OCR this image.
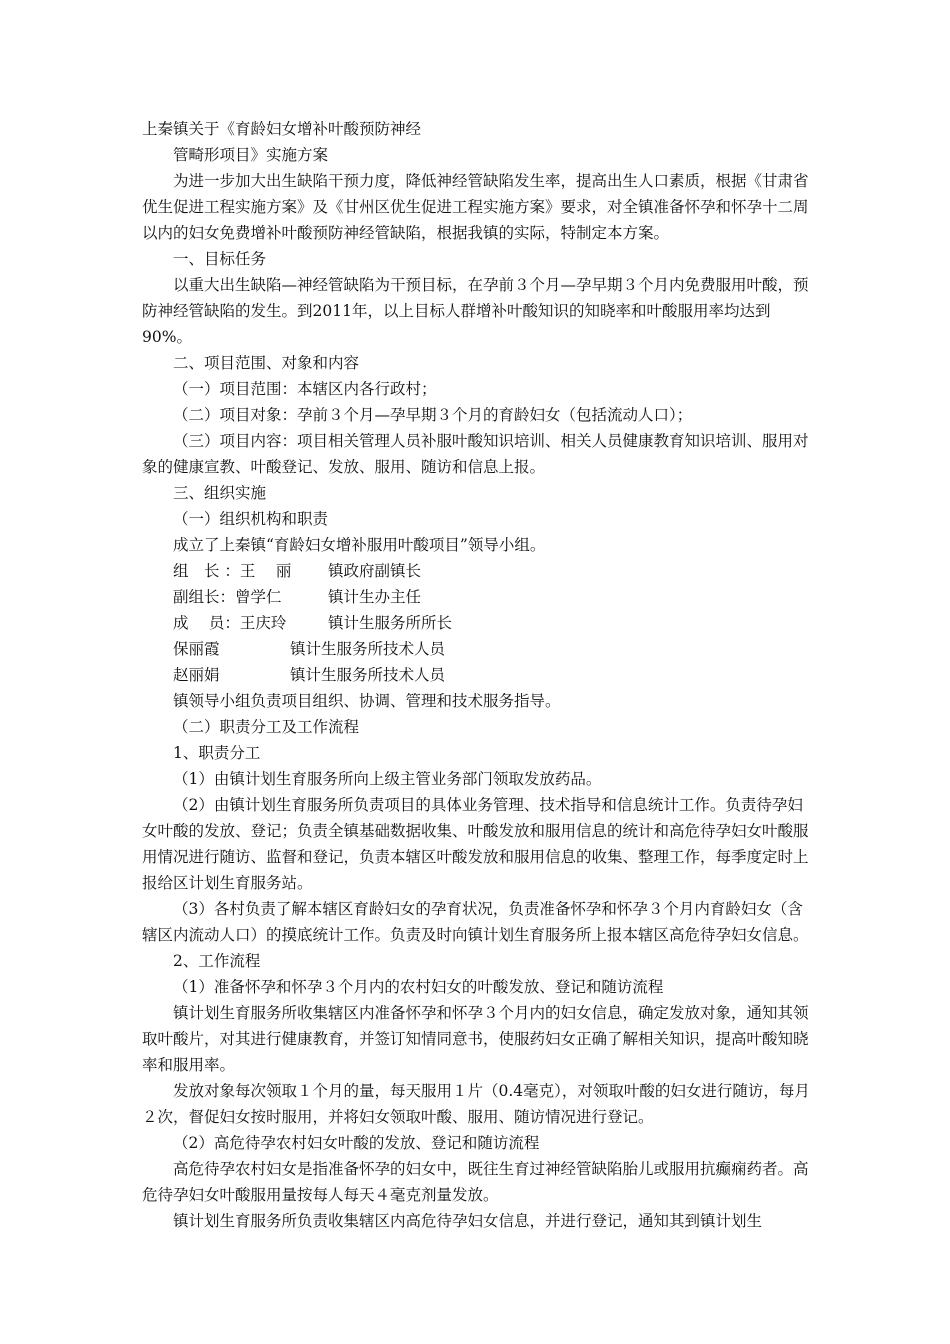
上秦镇关于《育龄妇女增补叶酸预防神经

管畸形项目》实施方案

为进一步加大出生缺陷干预力度，降低神经管缺陷发生率，提高出生人口素质，根据《甘肃省优生促进工程实施方案》及《甘州区优生促进工程实施方案》要求，对全镇准备怀孕和怀孕十二周以内的妇女免费增补叶酸预防神经管缺陷，根据我镇的实际，特制定本方案。

一、目标任务

以重大出生缺陷—神经管缺陷为干预目标，在孕前３个月—孕早期３个月内免费服用叶酸，预防神经管缺陷的发生。到2011年，以上目标人群增补叶酸知识的知晓率和叶酸服用率均达到90%。

二、项目范围、对象和内容

（一）项目范围：本辖区内各行政村；

（二）项目对象：孕前３个月—孕早期３个月的育龄妇女（包括流动人口）；

（三）项目内容：项目相关管理人员补服叶酸知识培训、相关人员健康教育知识培训、服用对象的健康宣教、叶酸登记、发放、服用、随访和信息上报。

三、组织实施

（一）组织机构和职责

成立了上秦镇“育龄妇女增补服用叶酸项目”领导小组。

组　长 ：王　 丽	镇政府副镇长
副组长：曾学仁	镇计生办主任
成　 员：王庆玲	镇计生服务所所长
保丽霞	镇计生服务所技术人员
赵丽娟	镇计生服务所技术人员

镇领导小组负责项目组织、协调、管理和技术服务指导。

（二）职责分工及工作流程

1、职责分工

（1）由镇计划生育服务所向上级主管业务部门领取发放药品。

（2）由镇计划生育服务所负责项目的具体业务管理、技术指导和信息统计工作。负责待孕妇女叶酸的发放、登记；负责全镇基础数据收集、叶酸发放和服用信息的统计和高危待孕妇女叶酸服用情况进行随访、监督和登记，负责本辖区叶酸发放和服用信息的收集、整理工作，每季度定时上报给区计划生育服务站。

（3）各村负责了解本辖区育龄妇女的孕育状况，负责准备怀孕和怀孕３个月内育龄妇女（含辖区内流动人口）的摸底统计工作。负责及时向镇计划生育服务所上报本辖区高危待孕妇女信息。

2、工作流程

（1）准备怀孕和怀孕３个月内的农村妇女的叶酸发放、登记和随访流程

镇计划生育服务所收集辖区内准备怀孕和怀孕３个月内的妇女信息，确定发放对象，通知其领取叶酸片，对其进行健康教育，并签订知情同意书，使服药妇女正确了解相关知识，提高叶酸知晓率和服用率。

发放对象每次领取１个月的量，每天服用１片（0.4毫克），对领取叶酸的妇女进行随访，每月２次，督促妇女按时服用，并将妇女领取叶酸、服用、随访情况进行登记。

（2）高危待孕农村妇女叶酸的发放、登记和随访流程

高危待孕农村妇女是指准备怀孕的妇女中，既往生育过神经管缺陷胎儿或服用抗癫痫药者。高危待孕妇女叶酸服用量按每人每天４毫克剂量发放。

镇计划生育服务所负责收集辖区内高危待孕妇女信息，并进行登记，通知其到镇计划生
